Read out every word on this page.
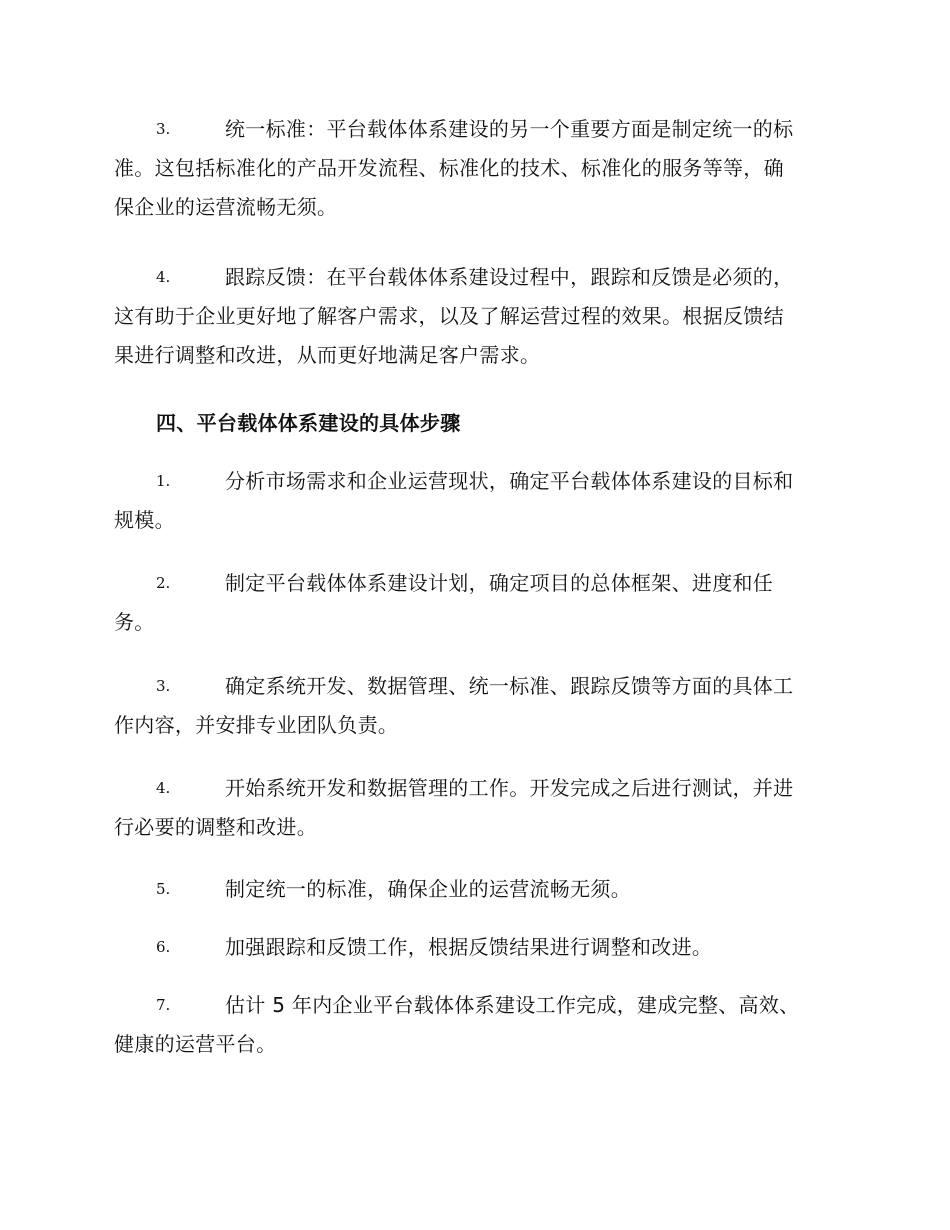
3.	统一标准：平台载体体系建设的另一个重要方面是制定统一的标
准。这包括标准化的产品开发流程、标准化的技术、标准化的服务等等，确
保企业的运营流畅无须。
4.	跟踪反馈：在平台载体体系建设过程中，跟踪和反馈是必须的，
这有助于企业更好地了解客户需求，以及了解运营过程的效果。根据反馈结
果进行调整和改进，从而更好地满足客户需求。
四、平台载体体系建设的具体步骤
1.	分析市场需求和企业运营现状，确定平台载体体系建设的目标和
规模。
2.	制定平台载体体系建设计划，确定项目的总体框架、进度和任
务。
3.	确定系统开发、数据管理、统一标准、跟踪反馈等方面的具体工
作内容，并安排专业团队负责。
4.	开始系统开发和数据管理的工作。开发完成之后进行测试，并进
行必要的调整和改进。
5.	制定统一的标准，确保企业的运营流畅无须。
6.	加强跟踪和反馈工作，根据反馈结果进行调整和改进。
7.	估计 5 年内企业平台载体体系建设工作完成，建成完整、高效、
健康的运营平台。
